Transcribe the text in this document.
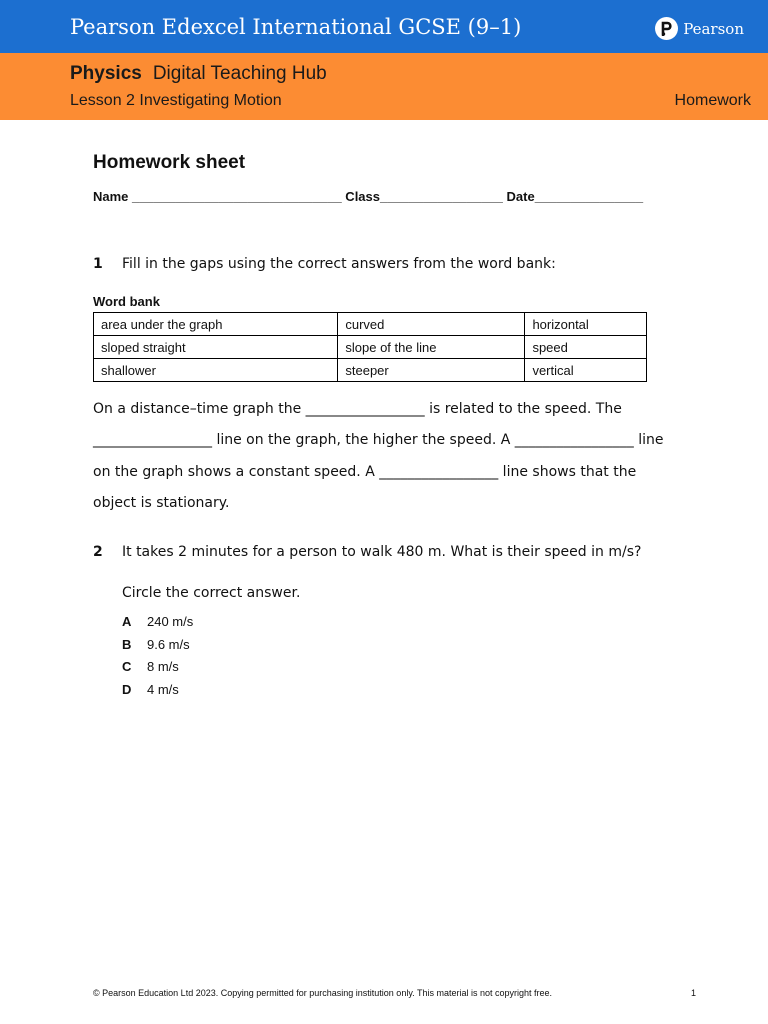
Pearson Edexcel International GCSE (9–1)	Pearson
Physics Digital Teaching Hub
Lesson 2 Investigating Motion	Homework
Homework sheet
Name _____________________________ Class_________________ Date_______________
1	Fill in the gaps using the correct answers from the word bank:
Word bank
area under the graph	curved	horizontal
sloped straight	slope of the line	speed
shallower	steeper	vertical
On a distance–time graph the _________________ is related to the speed. The _________________ line on the graph, the higher the speed. A _________________ line on the graph shows a constant speed. A _________________ line shows that the object is stationary.
2	It takes 2 minutes for a person to walk 480 m. What is their speed in m/s?
Circle the correct answer.
A	240 m/s
B	9.6 m/s
C	8 m/s
D	4 m/s
© Pearson Education Ltd 2023. Copying permitted for purchasing institution only. This material is not copyright free.	1
